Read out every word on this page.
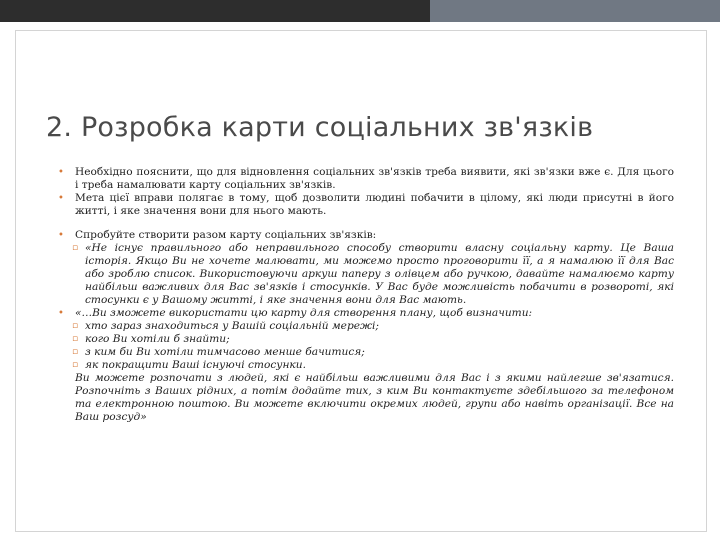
2. Розробка карти соціальних зв'язків
• Необхідно пояснити, що для відновлення соціальних зв'язків треба виявити, які зв'язки вже є. Для цього і треба намалювати карту соціальних зв'язків.
• Мета цієї вправи полягає в тому, щоб дозволити людині побачити в цілому, які люди присутні в його житті, і яке значення вони для нього мають.
• Спробуйте створити разом карту соціальних зв'язків:
▫ «Не існує правильного або неправильного способу створити власну соціальну карту. Це Ваша історія. Якщо Ви не хочете малювати, ми можемо просто проговорити її, а я намалюю її для Вас або зроблю список. Використовуючи аркуш паперу з олівцем або ручкою, давайте намалюємо карту найбільш важливих для Вас зв'язків і стосунків. У Вас буде можливість побачити в розвороті, які стосунки є у Вашому житті, і яке значення вони для Вас мають.
• «…Ви зможете використати цю карту для створення плану, щоб визначити:
▫ хто зараз знаходиться у Вашій соціальній мережі;
▫ кого Ви хотіли б знайти;
▫ з ким би Ви хотіли тимчасово менше бачитися;
▫ як покращити Ваші існуючі стосунки.
Ви можете розпочати з людей, які є найбільш важливими для Вас і з якими найлегше зв'язатися. Розпочніть з Ваших рідних, а потім додайте тих, з ким Ви контактуєте здебільшого за телефоном та електронною поштою. Ви можете включити окремих людей, групи або навіть організації. Все на Ваш розсуд»
